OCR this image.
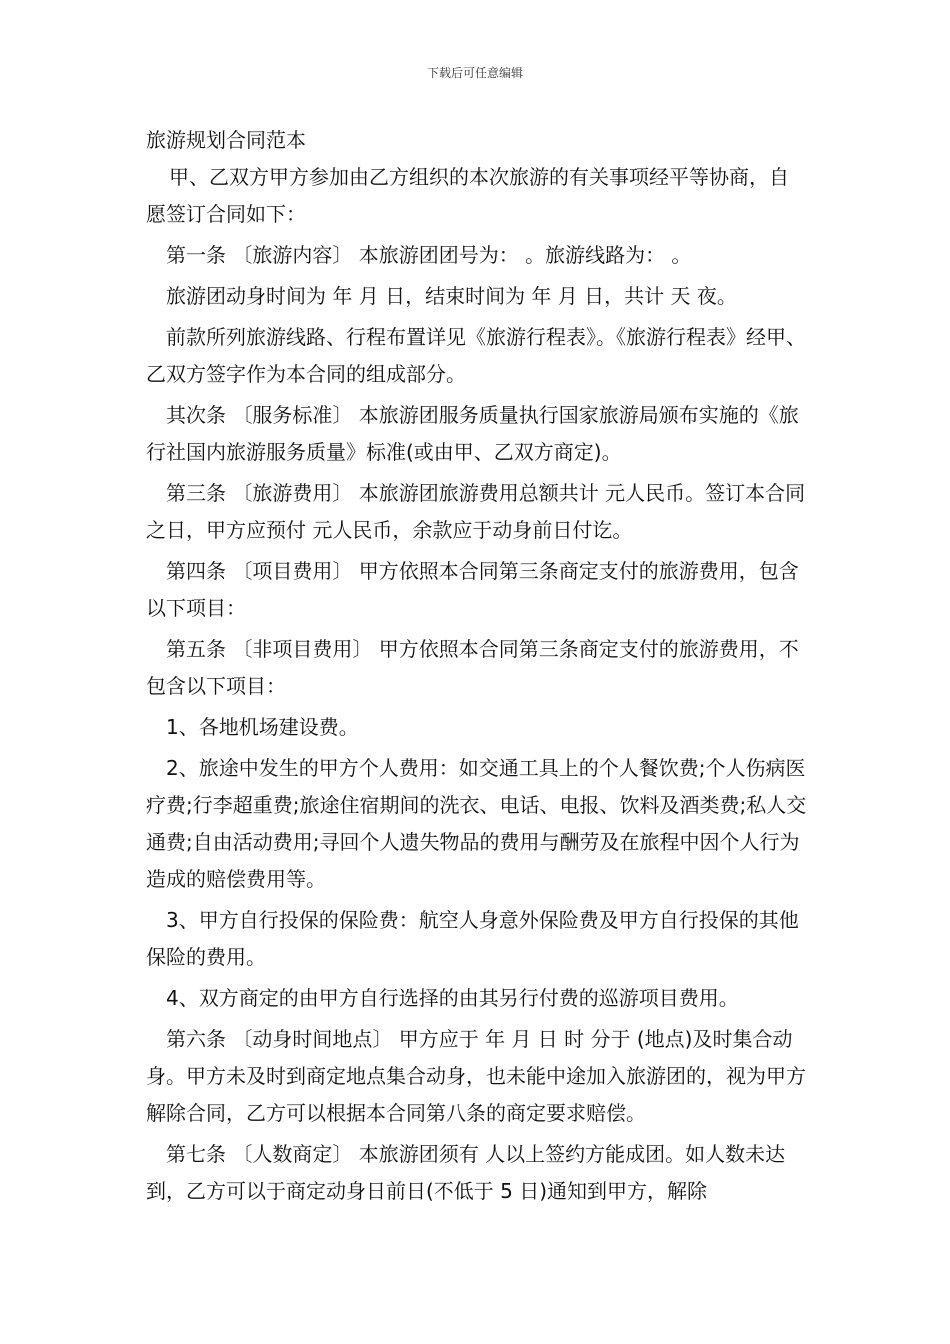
下载后可任意编辑

旅游规划合同范本

甲、乙双方甲方参加由乙方组织的本次旅游的有关事项经平等协商，自愿签订合同如下：

第一条 〔旅游内容〕 本旅游团团号为： 。旅游线路为： 。

旅游团动身时间为 年 月 日，结束时间为 年 月 日，共计 天 夜。

前款所列旅游线路、行程布置详见《旅游行程表》。《旅游行程表》经甲、乙双方签字作为本合同的组成部分。

其次条 〔服务标准〕 本旅游团服务质量执行国家旅游局颁布实施的《旅行社国内旅游服务质量》标准(或由甲、乙双方商定)。

第三条 〔旅游费用〕 本旅游团旅游费用总额共计 元人民币。签订本合同之日，甲方应预付 元人民币，余款应于动身前日付讫。

第四条 〔项目费用〕 甲方依照本合同第三条商定支付的旅游费用，包含以下项目：

第五条 〔非项目费用〕 甲方依照本合同第三条商定支付的旅游费用，不包含以下项目：

1、各地机场建设费。

2、旅途中发生的甲方个人费用：如交通工具上的个人餐饮费;个人伤病医疗费;行李超重费;旅途住宿期间的洗衣、电话、电报、饮料及酒类费;私人交通费;自由活动费用;寻回个人遗失物品的费用与酬劳及在旅程中因个人行为造成的赔偿费用等。

3、甲方自行投保的保险费：航空人身意外保险费及甲方自行投保的其他保险的费用。

4、双方商定的由甲方自行选择的由其另行付费的巡游项目费用。

第六条 〔动身时间地点〕 甲方应于 年 月 日 时 分于 (地点)及时集合动身。甲方未及时到商定地点集合动身，也未能中途加入旅游团的，视为甲方解除合同，乙方可以根据本合同第八条的商定要求赔偿。

第七条 〔人数商定〕 本旅游团须有 人以上签约方能成团。如人数未达到，乙方可以于商定动身日前日(不低于 5 日)通知到甲方，解除
